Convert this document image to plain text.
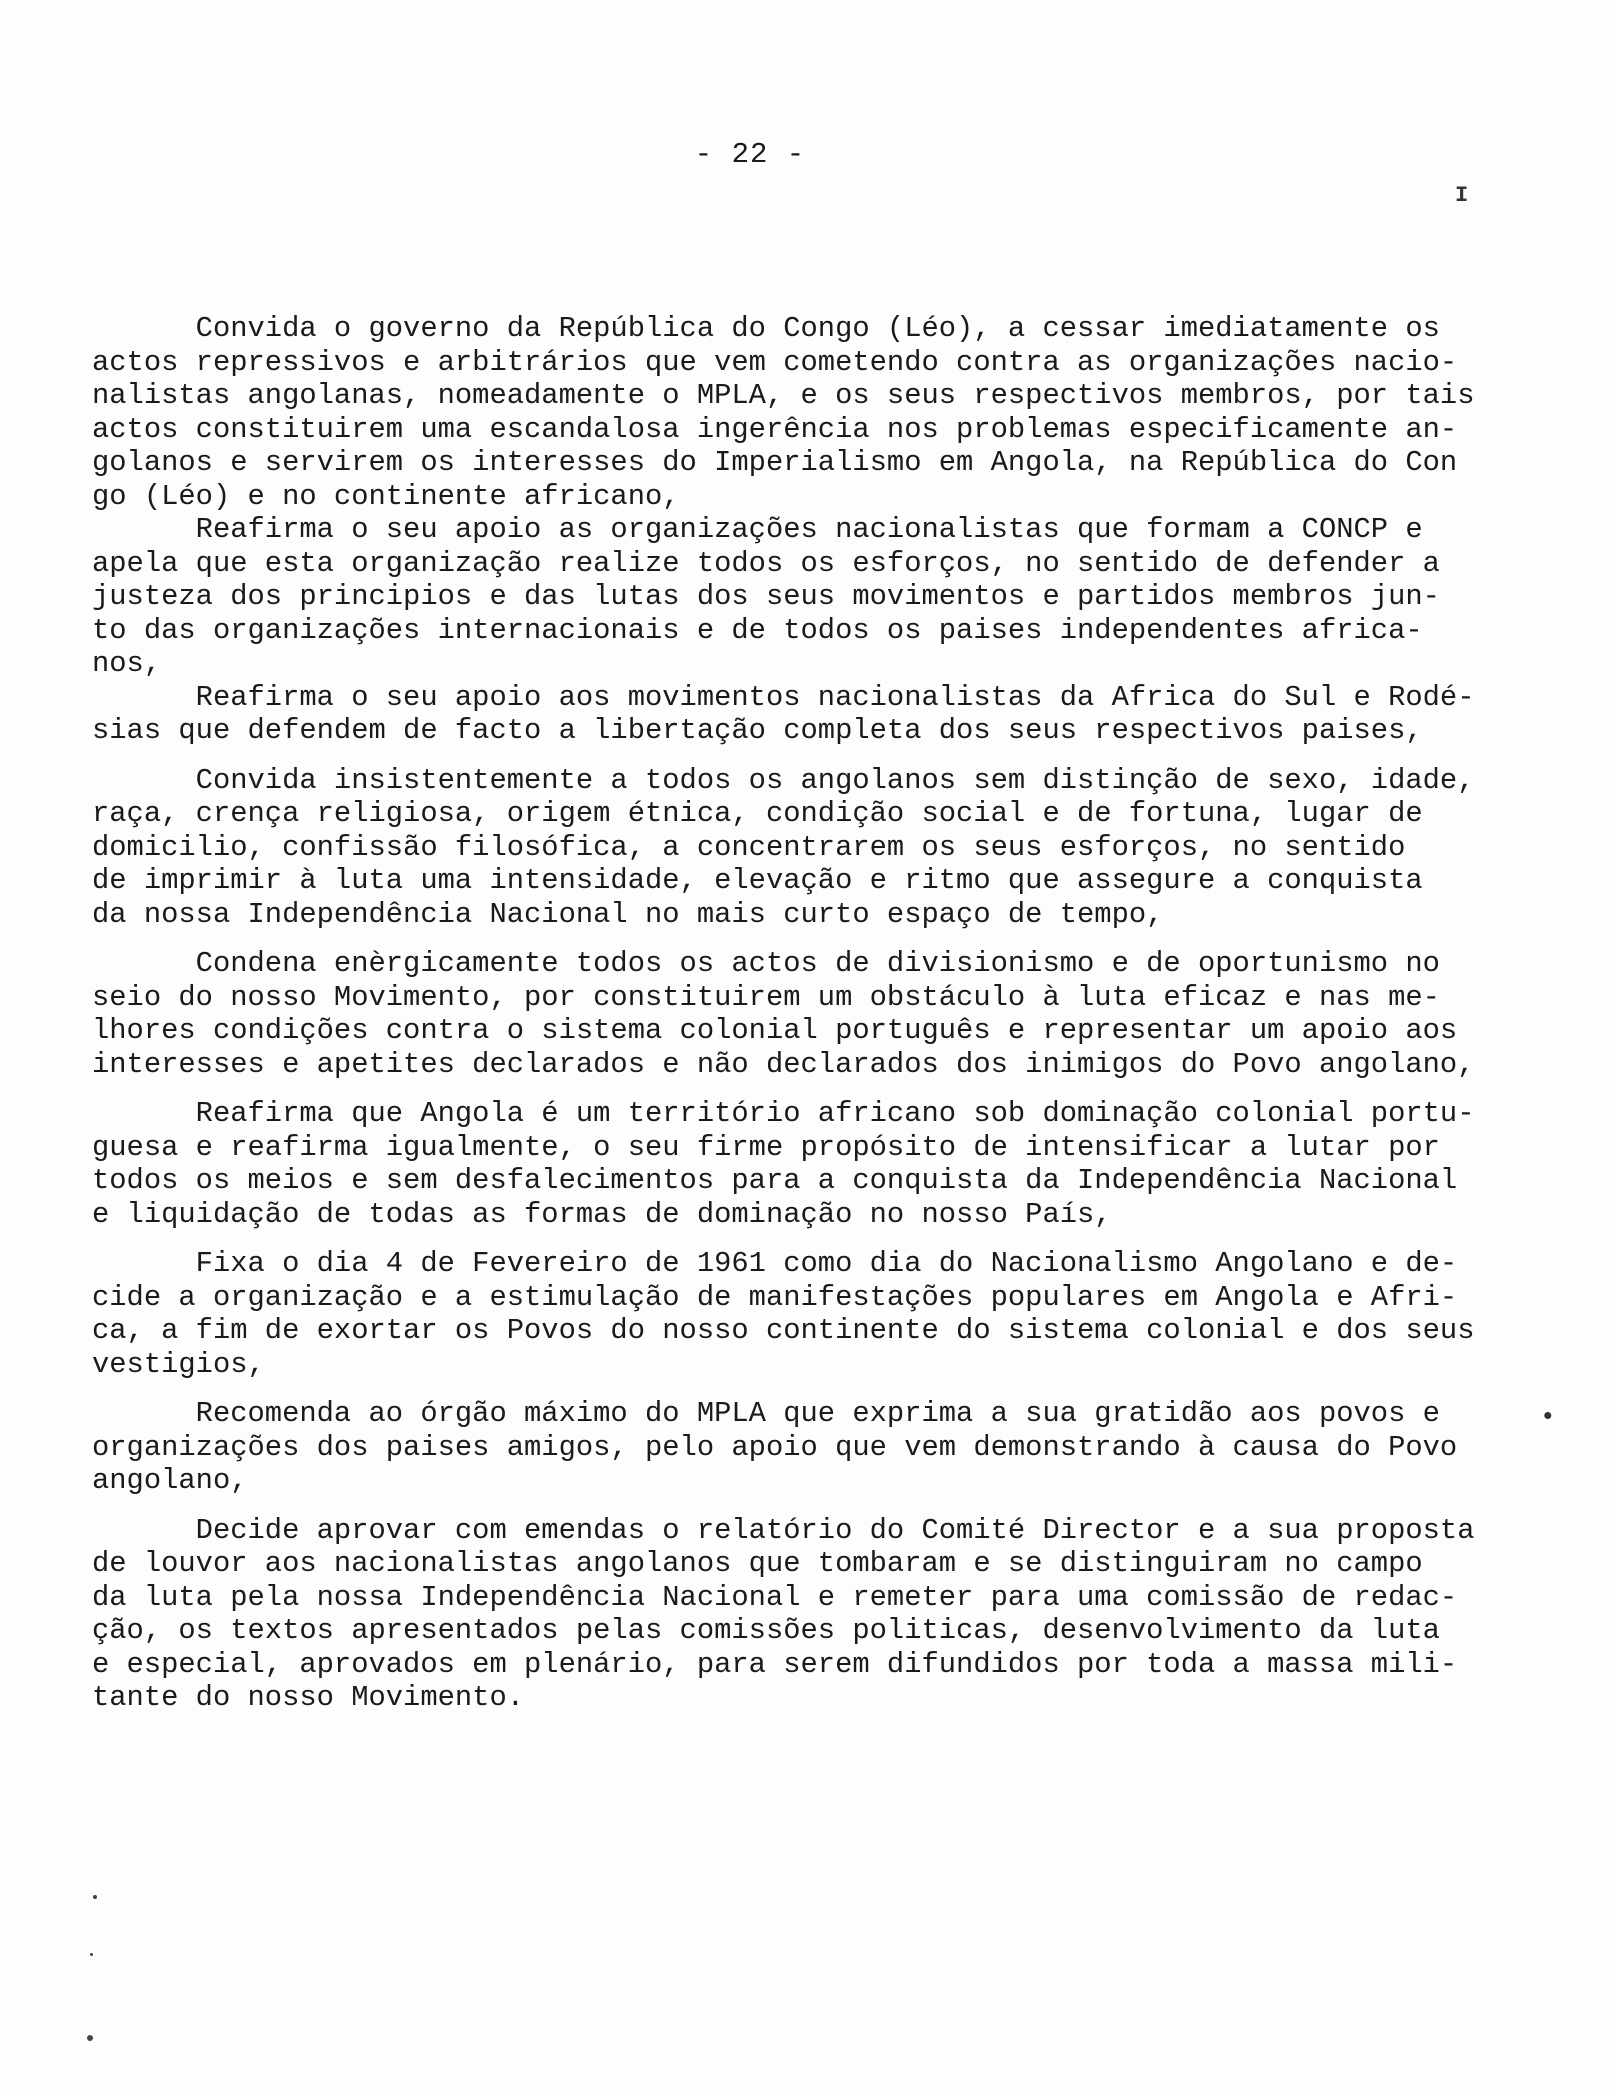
- 22 -
I
•
Convida o governo da República do Congo (Léo), a cessar imediatamente os
actos repressivos e arbitrários que vem cometendo contra as organizações nacio-
nalistas angolanas, nomeadamente o MPLA, e os seus respectivos membros, por tais
actos constituirem uma escandalosa ingerência nos problemas especificamente an-
golanos e servirem os interesses do Imperialismo em Angola, na República do Con
go (Léo) e no continente africano,
Reafirma o seu apoio as organizações nacionalistas que formam a CONCP e
apela que esta organização realize todos os esforços, no sentido de defender a
justeza dos principios e das lutas dos seus movimentos e partidos membros jun-
to das organizações internacionais e de todos os paises independentes africa-
nos,
Reafirma o seu apoio aos movimentos nacionalistas da Africa do Sul e Rodé-
sias que defendem de facto a libertação completa dos seus respectivos paises,
Convida insistentemente a todos os angolanos sem distinção de sexo, idade,
raça, crença religiosa, origem étnica, condição social e de fortuna, lugar de
domicilio, confissão filosófica, a concentrarem os seus esforços, no sentido
de imprimir à luta uma intensidade, elevação e ritmo que assegure a conquista
da nossa Independência Nacional no mais curto espaço de tempo,
Condena enèrgicamente todos os actos de divisionismo e de oportunismo no
seio do nosso Movimento, por constituirem um obstáculo à luta eficaz e nas me-
lhores condições contra o sistema colonial português e representar um apoio aos
interesses e apetites declarados e não declarados dos inimigos do Povo angolano,
Reafirma que Angola é um território africano sob dominação colonial portu-
guesa e reafirma igualmente, o seu firme propósito de intensificar a lutar por
todos os meios e sem desfalecimentos para a conquista da Independência Nacional
e liquidação de todas as formas de dominação no nosso País,
Fixa o dia 4 de Fevereiro de 1961 como dia do Nacionalismo Angolano e de-
cide a organização e a estimulação de manifestações populares em Angola e Afri-
ca, a fim de exortar os Povos do nosso continente do sistema colonial e dos seus
vestigios,
Recomenda ao órgão máximo do MPLA que exprima a sua gratidão aos povos e
organizações dos paises amigos, pelo apoio que vem demonstrando à causa do Povo
angolano,
Decide aprovar com emendas o relatório do Comité Director e a sua proposta
de louvor aos nacionalistas angolanos que tombaram e se distinguiram no campo
da luta pela nossa Independência Nacional e remeter para uma comissão de redac-
ção, os textos apresentados pelas comissões politicas, desenvolvimento da luta
e especial, aprovados em plenário, para serem difundidos por toda a massa mili-
tante do nosso Movimento.
